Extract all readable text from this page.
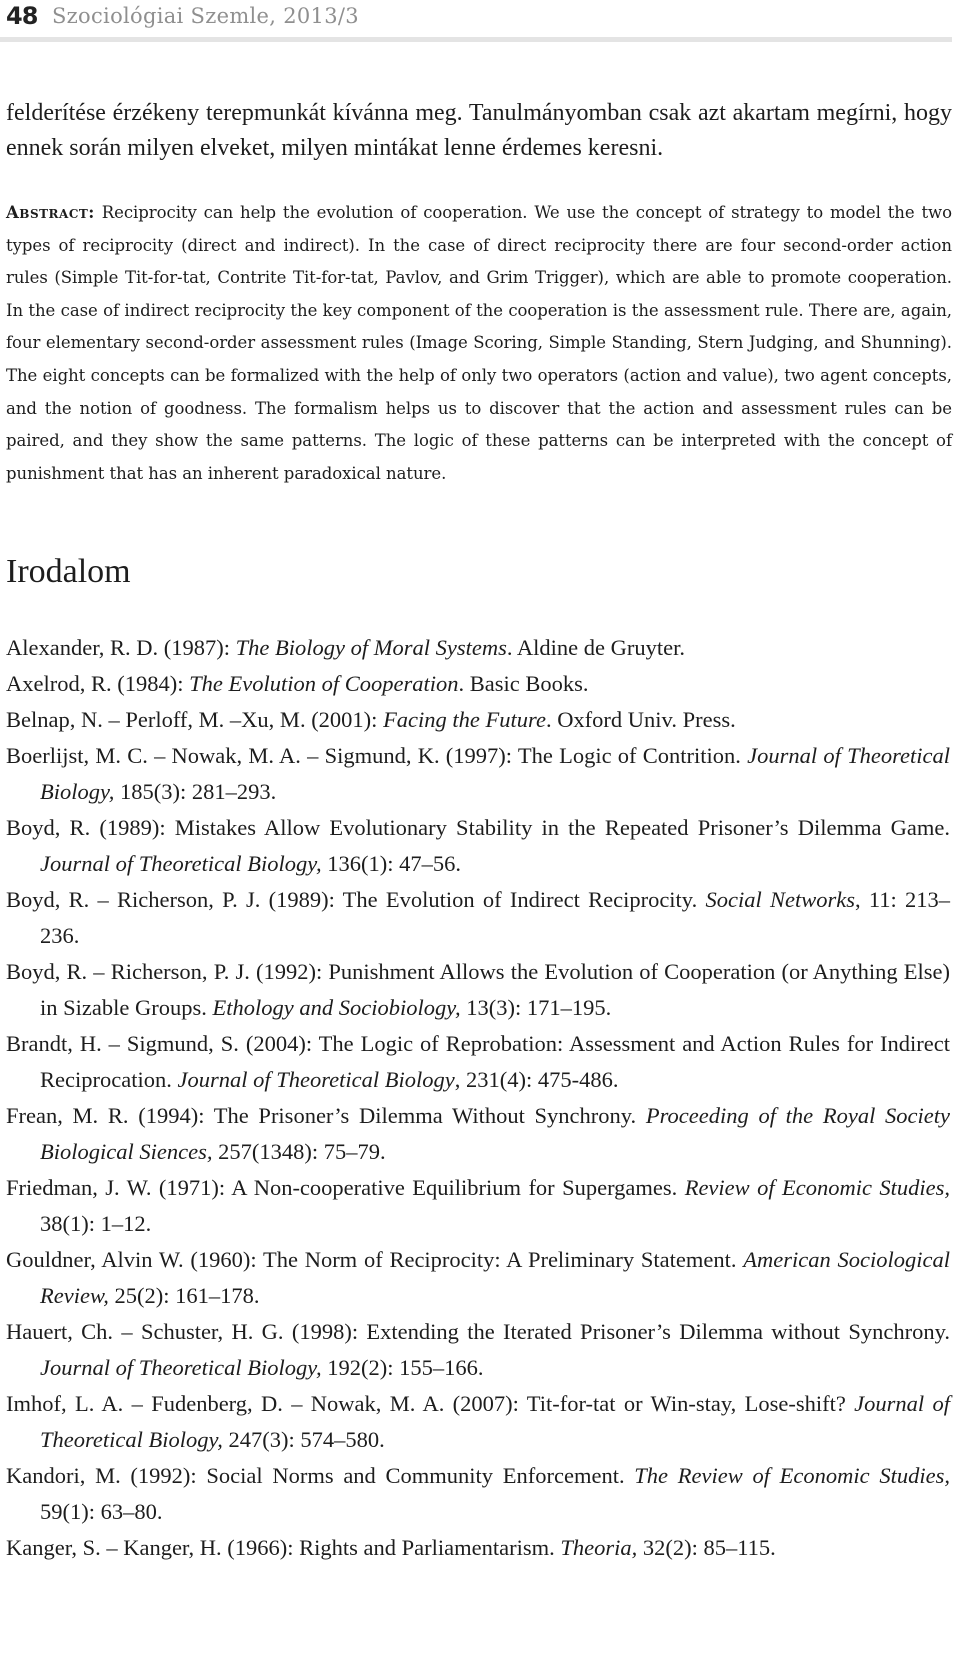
48 Szociológiai Szemle, 2013/3

felderítése érzékeny terepmunkát kívánna meg. Tanulmányomban csak azt akartam megírni, hogy ennek során milyen elveket, milyen mintákat lenne érdemes keresni.

Abstract: Reciprocity can help the evolution of cooperation. We use the concept of strategy to model the two types of reciprocity (direct and indirect). In the case of direct reciprocity there are four second-order action rules (Simple Tit-for-tat, Contrite Tit-for-tat, Pavlov, and Grim Trigger), which are able to promote cooperation. In the case of indirect reciprocity the key component of the cooperation is the assessment rule. There are, again, four elementary second-order assessment rules (Image Scoring, Simple Standing, Stern Judging, and Shunning). The eight concepts can be formalized with the help of only two operators (action and value), two agent concepts, and the notion of goodness. The formalism helps us to discover that the action and assessment rules can be paired, and they show the same patterns. The logic of these patterns can be interpreted with the concept of punishment that has an inherent paradoxical nature.

Irodalom
Alexander, R. D. (1987): The Biology of Moral Systems. Aldine de Gruyter.
Axelrod, R. (1984): The Evolution of Cooperation. Basic Books.
Belnap, N. – Perloff, M. –Xu, M. (2001): Facing the Future. Oxford Univ. Press.
Boerlijst, M. C. – Nowak, M. A. – Sigmund, K. (1997): The Logic of Contrition. Journal of Theoretical Biology, 185(3): 281–293.
Boyd, R. (1989): Mistakes Allow Evolutionary Stability in the Repeated Prisoner’s Dilemma Game. Journal of Theoretical Biology, 136(1): 47–56.
Boyd, R. – Richerson, P. J. (1989): The Evolution of Indirect Reciprocity. Social Networks, 11: 213–236.
Boyd, R. – Richerson, P. J. (1992): Punishment Allows the Evolution of Cooperation (or Anything Else) in Sizable Groups. Ethology and Sociobiology, 13(3): 171–195.
Brandt, H. – Sigmund, S. (2004): The Logic of Reprobation: Assessment and Action Rules for Indirect Reciprocation. Journal of Theoretical Biology, 231(4): 475-486.
Frean, M. R. (1994): The Prisoner’s Dilemma Without Synchrony. Proceeding of the Royal Society Biological Siences, 257(1348): 75–79.
Friedman, J. W. (1971): A Non-cooperative Equilibrium for Supergames. Review of Economic Studies, 38(1): 1–12.
Gouldner, Alvin W. (1960): The Norm of Reciprocity: A Preliminary Statement. American Sociological Review, 25(2): 161–178.
Hauert, Ch. – Schuster, H. G. (1998): Extending the Iterated Prisoner’s Dilemma without Synchrony. Journal of Theoretical Biology, 192(2): 155–166.
Imhof, L. A. – Fudenberg, D. – Nowak, M. A. (2007): Tit-for-tat or Win-stay, Lose-shift? Journal of Theoretical Biology, 247(3): 574–580.
Kandori, M. (1992): Social Norms and Community Enforcement. The Review of Economic Studies, 59(1): 63–80.
Kanger, S. – Kanger, H. (1966): Rights and Parliamentarism. Theoria, 32(2): 85–115.
